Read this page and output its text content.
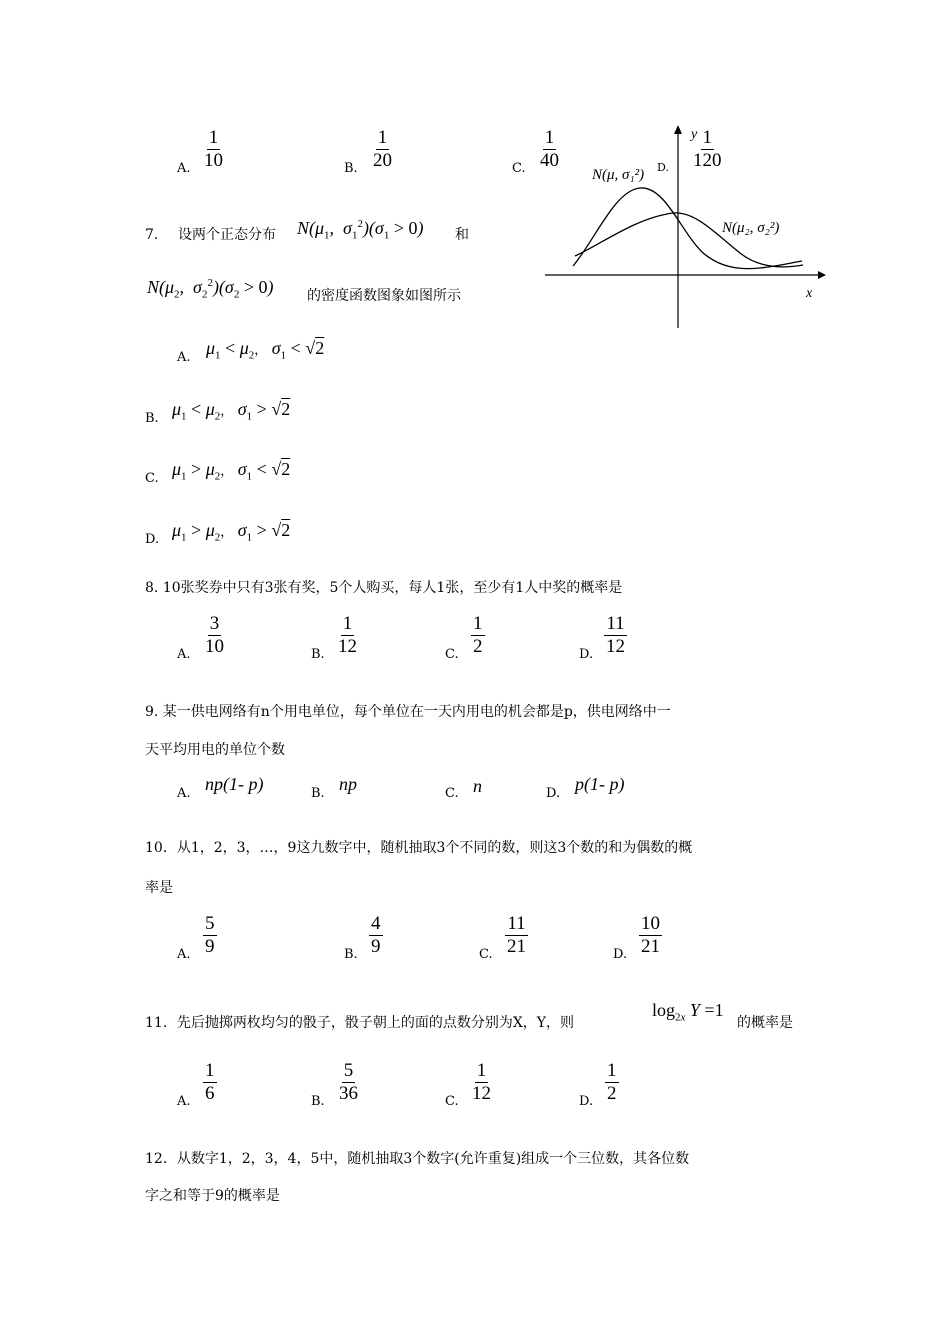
A. $\frac{1}{10}$	B. $\frac{1}{20}$	C. $\frac{1}{40}$	D. $\frac{1}{120}$
y
x
N(μ, σ₁²)
N(μ₂, σ₂²)
7. 设两个正态分布 $N(\mu_1$,  $\sigma_1^2)(\sigma_1 > 0)$ 和
$N(\mu_2$,  $\sigma_2^2)(\sigma_2 > 0)$ 的密度函数图象如图所示
A. $\mu_1 < \mu_2$， $\sigma_1 < √2$
B. $\mu_1 < \mu_2$， $\sigma_1 > √2$
C. $\mu_1 > \mu_2$， $\sigma_1 < √2$
D. $\mu_1 > \mu_2$， $\sigma_1 > √2$
8. 10张奖券中只有3张有奖，5个人购买，每人1张，至少有1人中奖的概率是
A. $\frac{3}{10}$	B. $\frac{1}{12}$	C. $\frac{1}{2}$	D. $\frac{11}{12}$
9. 某一供电网络有n个用电单位，每个单位在一天内用电的机会都是p，供电网络中一
天平均用电的单位个数
A. np(1- p)	B. np	C. n	D. p(1- p)
10．从1，2，3，…，9这九数字中，随机抽取3个不同的数，则这3个数的和为偶数的概
率是
A. $\frac{5}{9}$	B. $\frac{4}{9}$	C. $\frac{11}{21}$	D. $\frac{10}{21}$
11．先后抛掷两枚均匀的骰子，骰子朝上的面的点数分别为X，Y，则
$\log_{2x} Y =1$
的概率是
A. $\frac{1}{6}$	B. $\frac{5}{36}$	C. $\frac{1}{12}$	D. $\frac{1}{2}$
12．从数字1，2，3，4，5中，随机抽取3个数字(允许重复)组成一个三位数，其各位数
字之和等于9的概率是
